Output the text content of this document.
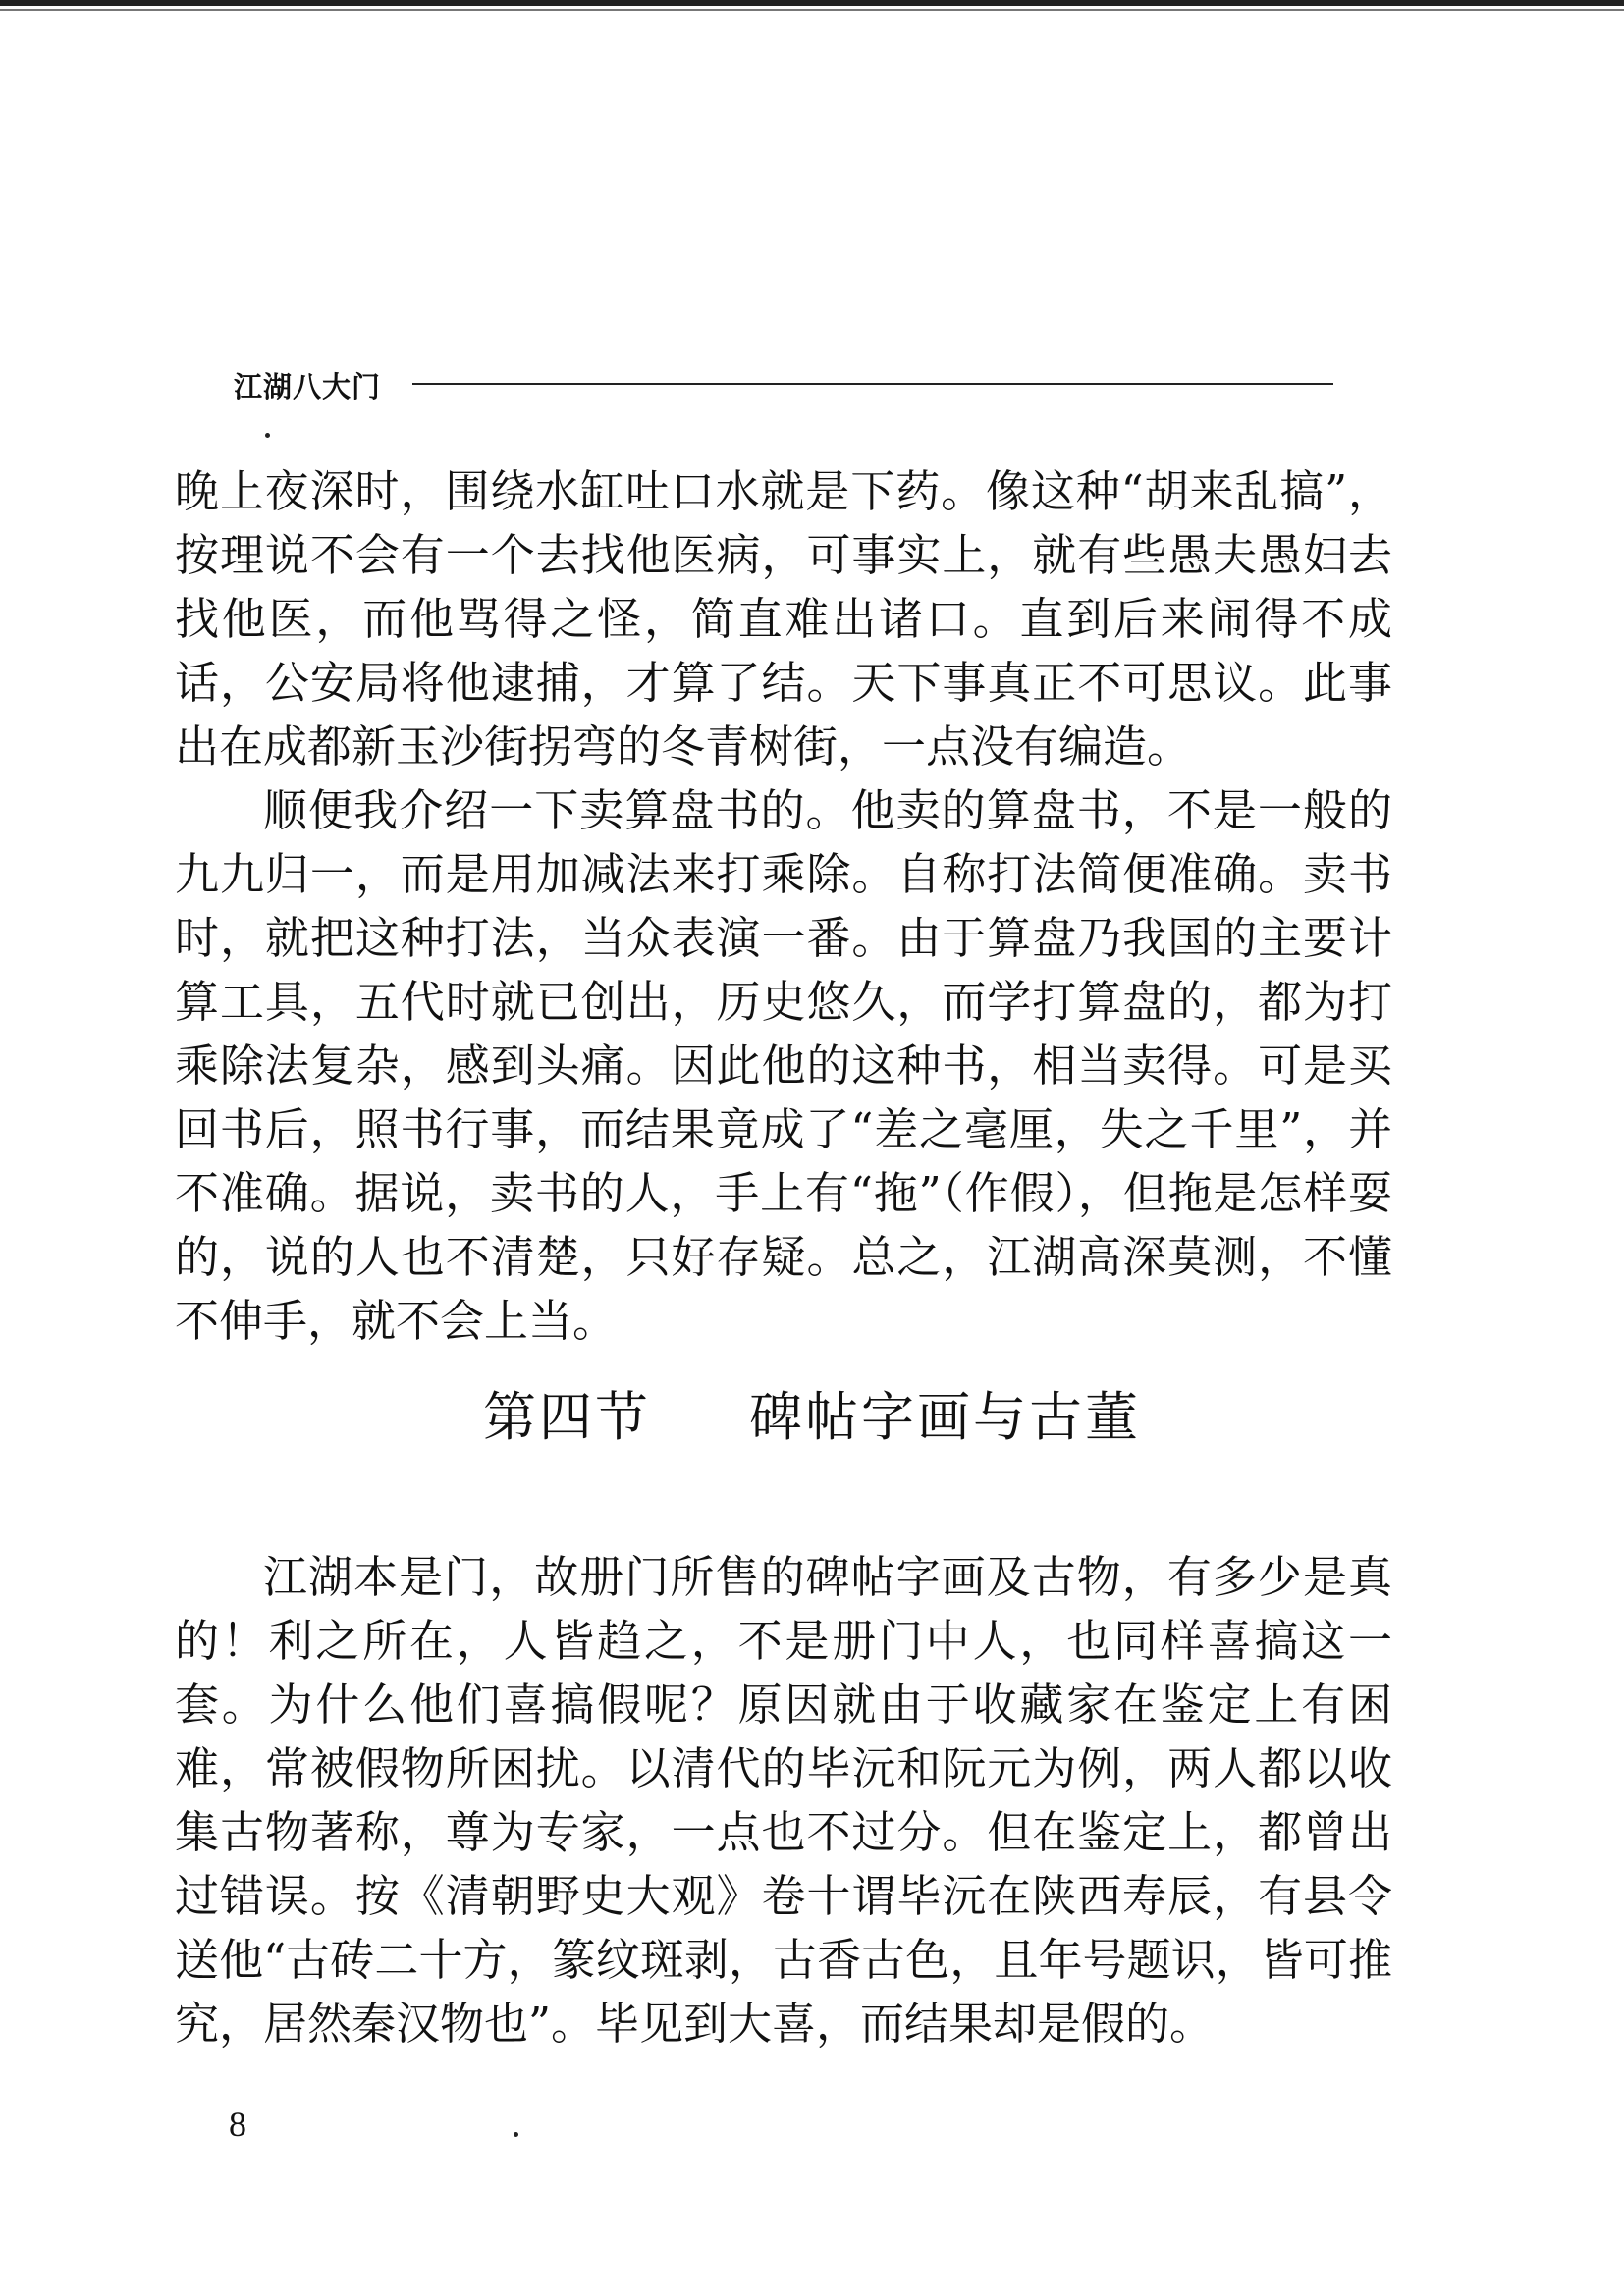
江湖八大门

晚上夜深时，围绕水缸吐口水就是下药。像这种“胡来乱搞”，按理说不会有一个去找他医病，可事实上，就有些愚夫愚妇去找他医，而他骂得之怪，简直难出诸口。直到后来闹得不成话，公安局将他逮捕，才算了结。天下事真正不可思议。此事出在成都新玉沙街拐弯的冬青树街，一点没有编造。

顺便我介绍一下卖算盘书的。他卖的算盘书，不是一般的九九归一，而是用加减法来打乘除。自称打法简便准确。卖书时，就把这种打法，当众表演一番。由于算盘乃我国的主要计算工具，五代时就已创出，历史悠久，而学打算盘的，都为打乘除法复杂，感到头痛。因此他的这种书，相当卖得。可是买回书后，照书行事，而结果竟成了“差之毫厘，失之千里”，并不准确。据说，卖书的人，手上有“拖”（作假），但拖是怎样耍的，说的人也不清楚，只好存疑。总之，江湖高深莫测，不懂不伸手，就不会上当。

第四节 碑帖字画与古董

江湖本是门，故册门所售的碑帖字画及古物，有多少是真的！利之所在，人皆趋之，不是册门中人，也同样喜搞这一套。为什么他们喜搞假呢？原因就由于收藏家在鉴定上有困难，常被假物所困扰。以清代的毕沅和阮元为例，两人都以收集古物著称，尊为专家，一点也不过分。但在鉴定上，都曾出过错误。按《清朝野史大观》卷十谓毕沅在陕西寿辰，有县令送他“古砖二十方，篆纹斑剥，古香古色，且年号题识，皆可推究，居然秦汉物也”。毕见到大喜，而结果却是假的。

8
